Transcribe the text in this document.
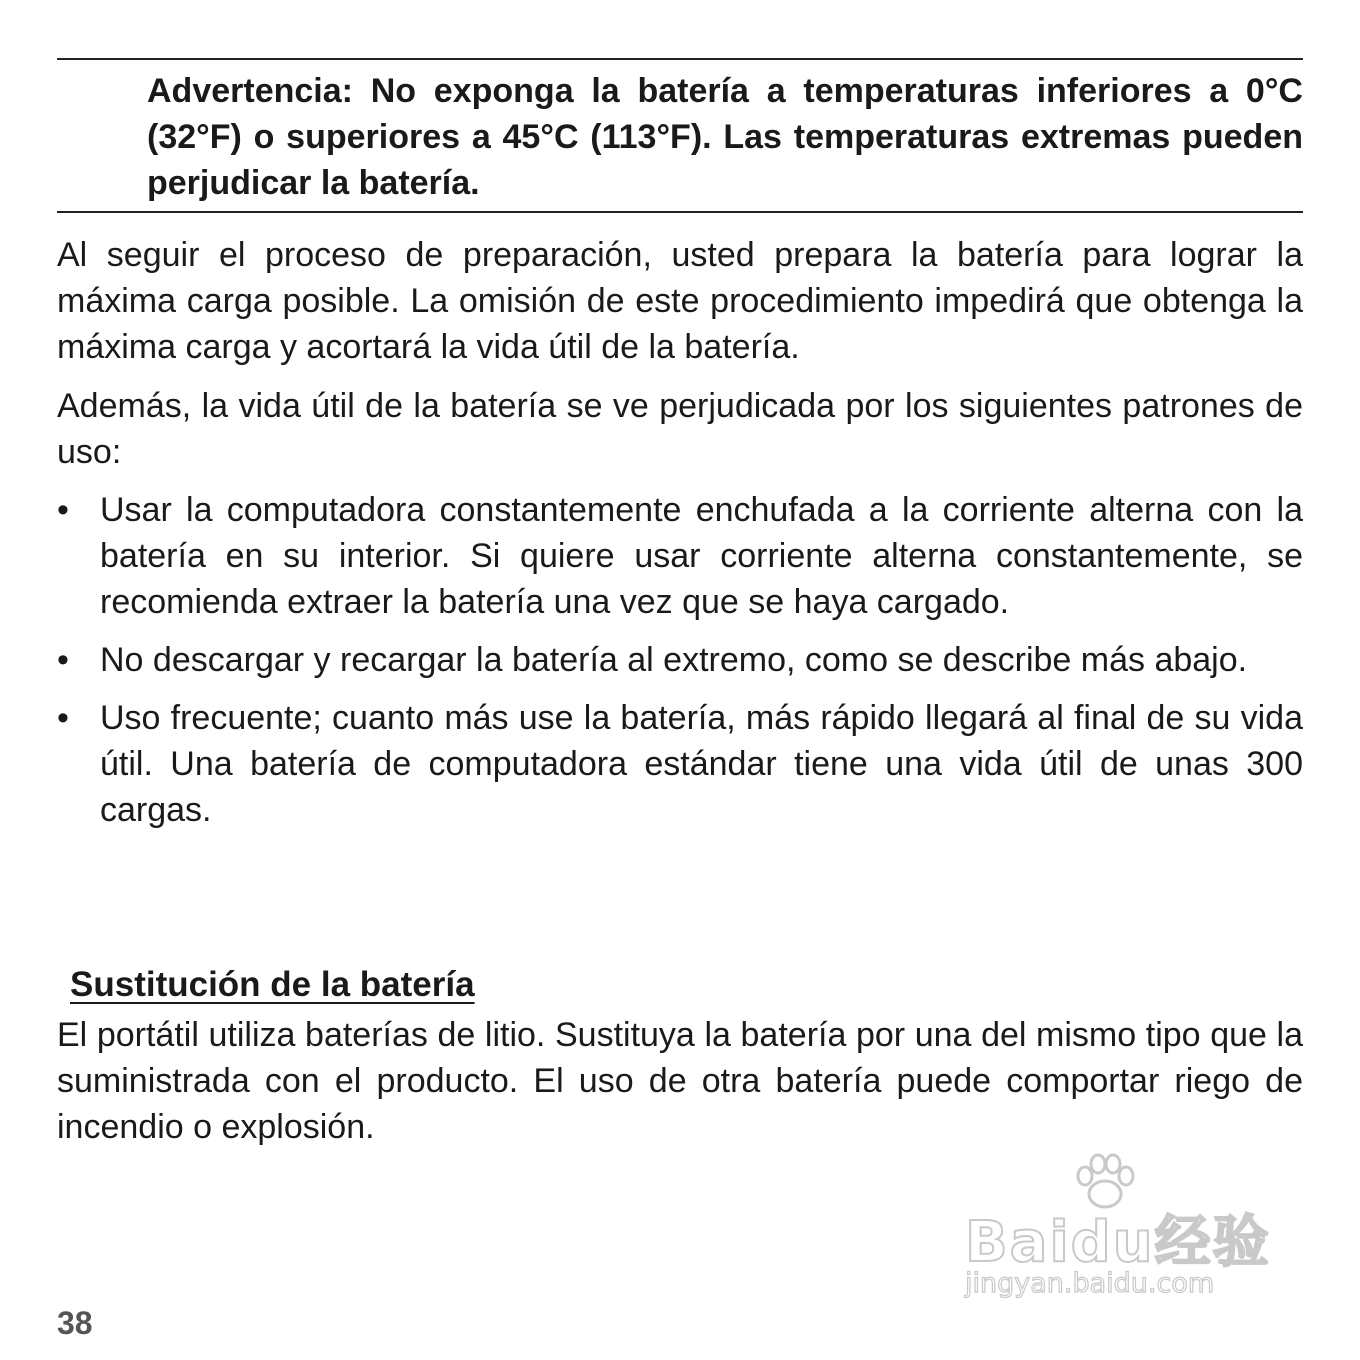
Advertencia: No exponga la batería a temperaturas inferiores a 0°C (32°F) o superiores a 45°C (113°F). Las temperaturas extremas pueden perjudicar la batería.

Al seguir el proceso de preparación, usted prepara la batería para lograr la máxima carga posible. La omisión de este procedimiento impedirá que obtenga la máxima carga y acortará la vida útil de la batería.

Además, la vida útil de la batería se ve perjudicada por los siguientes patrones de uso:

• Usar la computadora constantemente enchufada a la corriente alterna con la batería en su interior. Si quiere usar corriente alterna constantemente, se recomienda extraer la batería una vez que se haya cargado.
• No descargar y recargar la batería al extremo, como se describe más abajo.
• Uso frecuente; cuanto más use la batería, más rápido llegará al final de su vida útil. Una batería de computadora estándar tiene una vida útil de unas 300 cargas.
Sustitución de la batería

El portátil utiliza baterías de litio. Sustituya la batería por una del mismo tipo que la suministrada con el producto. El uso de otra batería puede comportar riego de incendio o explosión.

38
Baidu经验
jingyan.baidu.com
